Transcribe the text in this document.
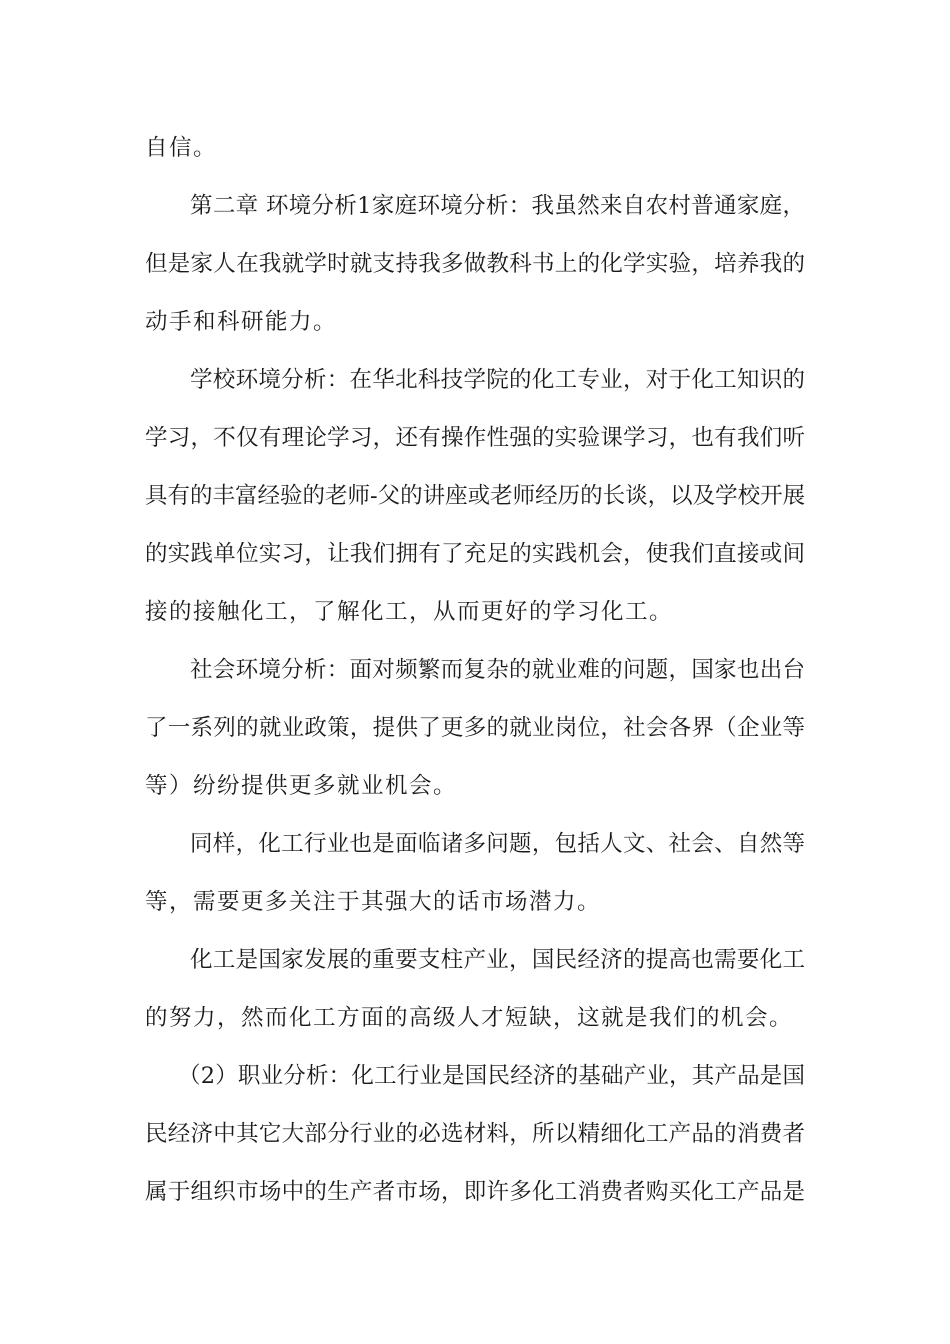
自信。
第二章 环境分析1家庭环境分析：我虽然来自农村普通家庭，
但是家人在我就学时就支持我多做教科书上的化学实验，培养我的
动手和科研能力。
学校环境分析：在华北科技学院的化工专业，对于化工知识的
学习，不仅有理论学习，还有操作性强的实验课学习，也有我们听
具有的丰富经验的老师-父的讲座或老师经历的长谈，以及学校开展
的实践单位实习，让我们拥有了充足的实践机会，使我们直接或间
接的接触化工，了解化工，从而更好的学习化工。
社会环境分析：面对频繁而复杂的就业难的问题，国家也出台
了一系列的就业政策，提供了更多的就业岗位，社会各界（企业等
等）纷纷提供更多就业机会。
同样，化工行业也是面临诸多问题，包括人文、社会、自然等
等，需要更多关注于其强大的话市场潜力。
化工是国家发展的重要支柱产业，国民经济的提高也需要化工
的努力，然而化工方面的高级人才短缺，这就是我们的机会。
（2）职业分析：化工行业是国民经济的基础产业，其产品是国
民经济中其它大部分行业的必选材料，所以精细化工产品的消费者
属于组织市场中的生产者市场，即许多化工消费者购买化工产品是
